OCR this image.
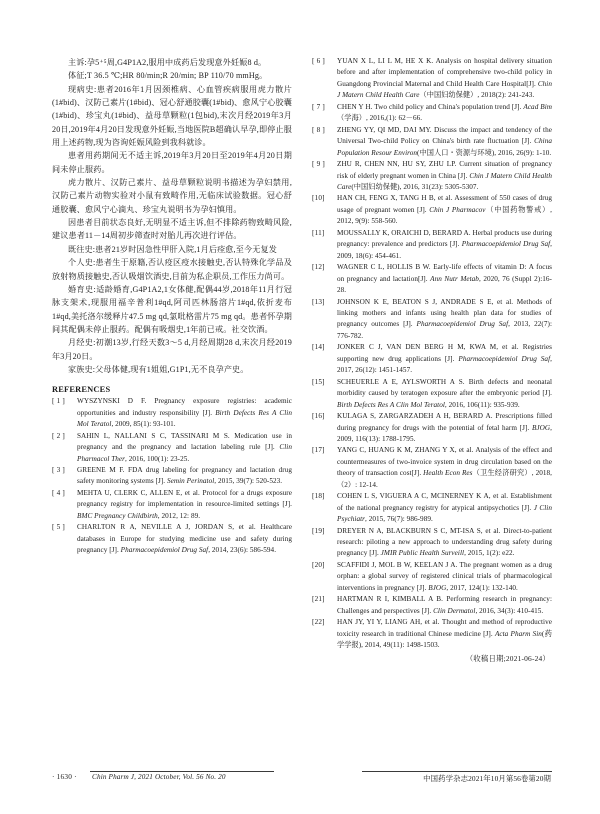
主诉:孕5⁺⁵周,G4P1A2,服用中成药后发现意外妊娠8 d。
体征;T 36.5 ℃;HR 80/min;R 20/min; BP 110/70 mmHg。
现病史:患者2016年1月因颈椎病、心血管疾病服用虎力散片(1#bid)、汉防己素片(1#bid)、冠心舒通胶囊(1#bid)、愈风宁心胶囊(1#bid)、珍宝丸(1#bid)、益母草颗粒(1包bid),末次月经2019年3月20日,2019年4月20日发现意外妊娠,当地医院B超确认早孕,即停止服用上述药物,现为咨询妊娠风险到我科就诊。
患者用药期间无不适主诉,2019年3月20日至2019年4月20日期间未停止服药。
虎力散片、汉防己素片、益母草颗粒说明书描述为孕妇禁用,汉防己素片动物实验对小鼠有致畸作用,无临床试验数据。冠心舒通胶囊、愈风宁心滴丸、珍宝丸说明书为孕妇慎用。
因患者目前状态良好,无明显不适主诉,但不排除药物致畸风险,建议患者11－14周初步筛查时对胎儿再次进行评估。
既往史:患者21岁时因急性甲肝入院,1月后痊愈,至今无复发
个人史:患者生于原籍,否认疫区疫水接触史,否认特殊化学品及放射物质接触史,否认吸烟饮酒史,目前为私企职员,工作压力尚可。
婚育史:适龄婚育,G4P1A2,1女体健,配偶44岁,2018年11月行冠脉支架术,现服用福辛普利1#qd,阿司匹林肠溶片1#qd,依折麦布1#qd,美托洛尔缓释片47.5 mg qd,氯吡格雷片75 mg qd。患者怀孕期间其配偶未停止服药。配偶有吸烟史,1年前已戒。社交饮酒。
月经史:初潮13岁,行经天数3～5 d,月经周期28 d,末次月经2019年3月20日。
家族史:父母体健,现有1姐姐,G1P1,无不良孕产史。
REFERENCES
[ 1 ]	WYSZYNSKI D F. Pregnancy exposure registries: academic opportunities and industry responsibility [J]. Birth Defects Res A Clin Mol Teratol, 2009, 85(1): 93-101.
[ 2 ]	SAHIN L, NALLANI S C, TASSINARI M S. Medication use in pregnancy and the pregnancy and lactation labeling rule [J]. Clin Pharmacol Ther, 2016, 100(1): 23-25.
[ 3 ]	GREENE M F. FDA drug labeling for pregnancy and lactation drug safety monitoring systems [J]. Semin Perinatol, 2015, 39(7): 520-523.
[ 4 ]	MEHTA U, CLERK C, ALLEN E, et al. Protocol for a drugs exposure pregnancy registry for implementation in resource-limited settings [J]. BMC Pregnancy Childbirth, 2012, 12: 89.
[ 5 ]	CHARLTON R A, NEVILLE A J, JORDAN S, et al. Healthcare databases in Europe for studying medicine use and safety during pregnancy [J]. Pharmacoepidemiol Drug Saf, 2014, 23(6): 586-594.
[ 6 ]	YUAN X L, LI L M, HE X K. Analysis on hospital delivery situation before and after implementation of comprehensive two-child policy in Guangdong Provincial Maternal and Child Health Care Hospital[J]. Chin J Matern Child Health Care（中国妇幼保健）, 2018(2): 241-243.
[ 7 ]	CHEN Y H. Two child policy and China's population trend [J]. Acad Bim（学海）, 2016,(1): 62－66.
[ 8 ]	ZHENG YY, QI MD, DAI MY. Discuss the impact and tendency of the Universal Two-child Policy on China's birth rate fluctuation [J]. China Population Resour Environ(中国人口・资源与环境), 2016, 26(9): 1-10.
[ 9 ]	ZHU R, CHEN NN, HU SY, ZHU LP. Current situation of pregnancy risk of elderly pregnant women in China [J]. Chin J Matern Child Health Care(中国妇幼保健), 2016, 31(23): 5305-5307.
[10]	HAN CH, FENG X, TANG H B, et al. Assessment of 550 cases of drug usage of pregnant women [J]. Chin J Pharmacov（中国药物警戒）, 2012, 9(9): 558-560.
[11]	MOUSSALLY K, ORAICHI D, BERARD A. Herbal products use during pregnancy: prevalence and predictors [J]. Pharmacoepidemiol Drug Saf, 2009, 18(6): 454-461.
[12]	WAGNER C L, HOLLIS B W. Early-life effects of vitamin D: A focus on pregnancy and lactation[J]. Ann Nutr Metab, 2020, 76 (Suppl 2):16-28.
[13]	JOHNSON K E, BEATON S J, ANDRADE S E, et al. Methods of linking mothers and infants using health plan data for studies of pregnancy outcomes [J]. Pharmacoepidemiol Drug Saf, 2013, 22(7): 776-782.
[14]	JONKER C J, VAN DEN BERG H M, KWA M, et al. Registries supporting new drug applications [J]. Pharmacoepidemiol Drug Saf, 2017, 26(12): 1451-1457.
[15]	SCHEUERLE A E, AYLSWORTH A S. Birth defects and neonatal morbidity caused by teratogen exposure after the embryonic period [J]. Birth Defects Res A Clin Mol Teratol, 2016, 106(11): 935-939.
[16]	KULAGA S, ZARGARZADEH A H, BERARD A. Prescriptions filled during pregnancy for drugs with the potential of fetal harm [J]. BJOG, 2009, 116(13): 1788-1795.
[17]	YANG C, HUANG K M, ZHANG Y X, et al. Analysis of the effect and countermeasures of two-invoice system in drug circulation based on the theory of transaction cost[J]. Health Econ Res（卫生经济研究）, 2018,（2）: 12-14.
[18]	COHEN L S, VIGUERA A C, MCINERNEY K A, et al. Establishment of the national pregnancy registry for atypical antipsychotics [J]. J Clin Psychiatr, 2015, 76(7): 986-989.
[19]	DREYER N A, BLACKBURN S C, MT-ISA S, et al. Direct-to-patient research: piloting a new approach to understanding drug safety during pregnancy [J]. JMIR Public Health Surveill, 2015, 1(2): e22.
[20]	SCAFFIDI J, MOL B W, KEELAN J A. The pregnant women as a drug orphan: a global survey of registered clinical trials of pharmacological interventions in pregnancy [J]. BJOG, 2017, 124(1): 132-140.
[21]	HARTMAN R I, KIMBALL A B. Performing research in pregnancy: Challenges and perspectives [J]. Clin Dermatol, 2016, 34(3): 410-415.
[22]	HAN JY, YI Y, LIANG AH, et al. Thought and method of reproductive toxicity research in traditional Chinese medicine [J]. Acta Pharm Sin(药学学报), 2014, 49(11): 1498-1503.
（收稿日期;2021-06-24）
· 1630 · Chin Pharm J, 2021 October, Vol. 56 No. 20	中国药学杂志2021年10月第56卷第20期
